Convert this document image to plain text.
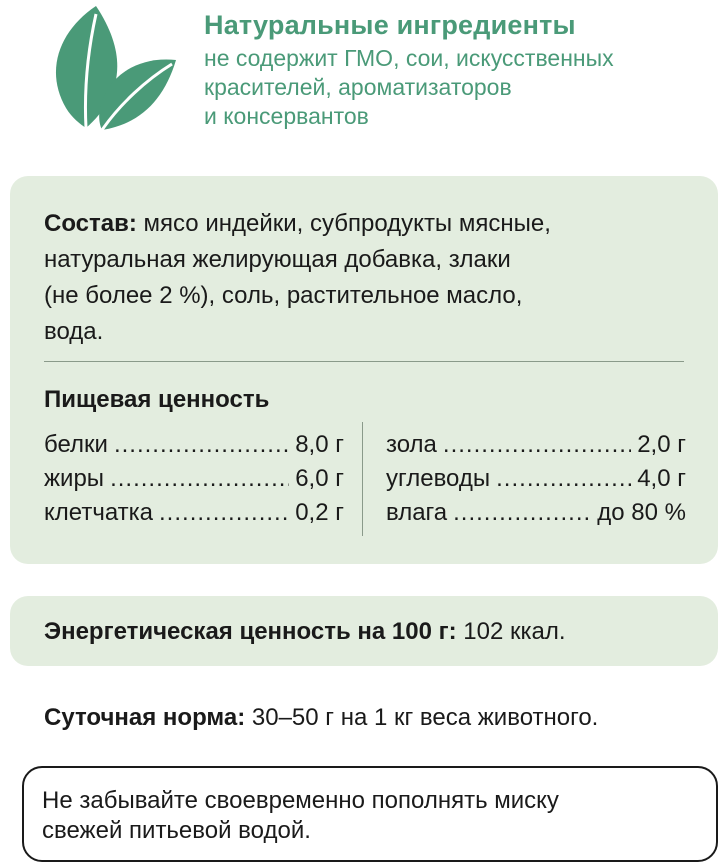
Натуральные ингредиенты
не содержит ГМО, сои, искусственных
красителей, ароматизаторов
и консервантов
Состав: мясо индейки, субпродукты мясные,
натуральная желирующая добавка, злаки
(не более 2 %), соль, растительное масло,
вода.
Пищевая ценность
белки .....	8,0 г
жиры .....	6,0 г
клетчатка .....	0,2 г
зола .....	2,0 г
углеводы .....	4,0 г
влага .....	до 80 %
Энергетическая ценность на 100 г: 102 ккал.
Суточная норма: 30–50 г на 1 кг веса животного.
Не забывайте своевременно пополнять миску
свежей питьевой водой.
